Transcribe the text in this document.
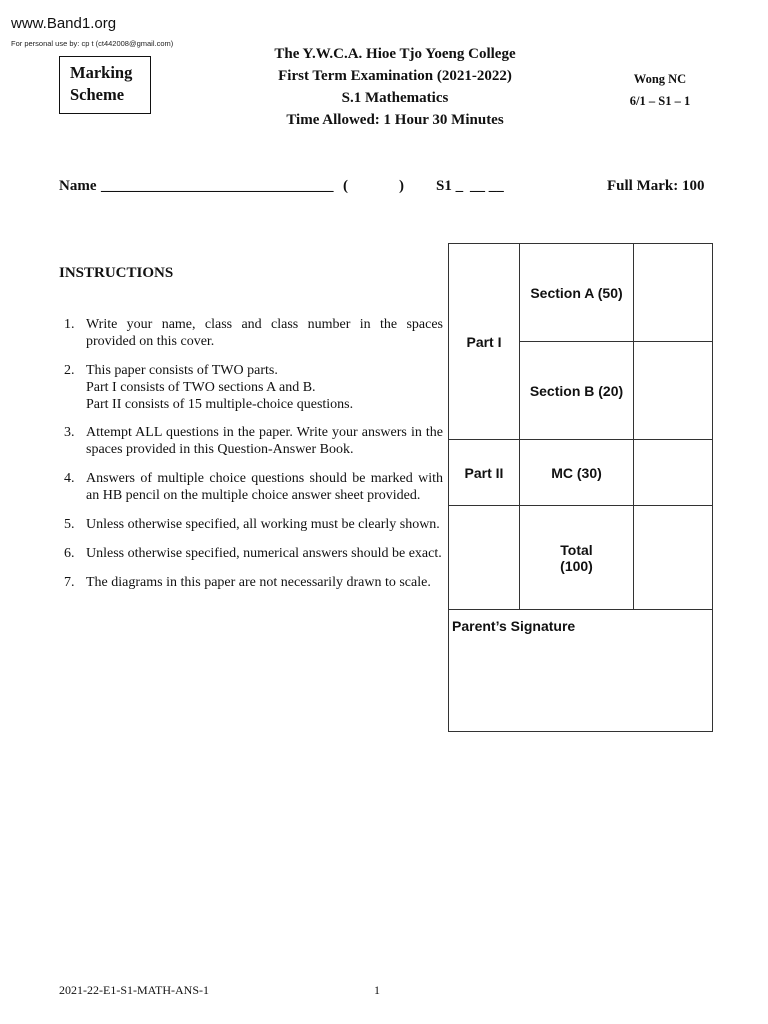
www.Band1.org
For personal use by: cp t (ct442008@gmail.com)
Marking
Scheme
The Y.W.C.A. Hioe Tjo Yoeng College
First Term Examination (2021-2022)
S.1 Mathematics
Time Allowed: 1 Hour 30 Minutes
Wong NC
6/1 – S1 – 1
Name _______________________________ (	) S1 _ __ __	Full Mark: 100
INSTRUCTIONS
1. Write your name, class and class number in the spaces provided on this cover.
2. This paper consists of TWO parts.
Part I consists of TWO sections A and B.
Part II consists of 15 multiple-choice questions.
3. Attempt ALL questions in the paper. Write your answers in the spaces provided in this Question-Answer Book.
4. Answers of multiple choice questions should be marked with an HB pencil on the multiple choice answer sheet provided.
5. Unless otherwise specified, all working must be clearly shown.
6. Unless otherwise specified, numerical answers should be exact.
7. The diagrams in this paper are not necessarily drawn to scale.
Part I	Section A (50)	
	Section B (20)	
Part II	MC (30)	

	Total
(100)	

Parent’s Signature		
2021-22-E1-S1-MATH-ANS-1	1
